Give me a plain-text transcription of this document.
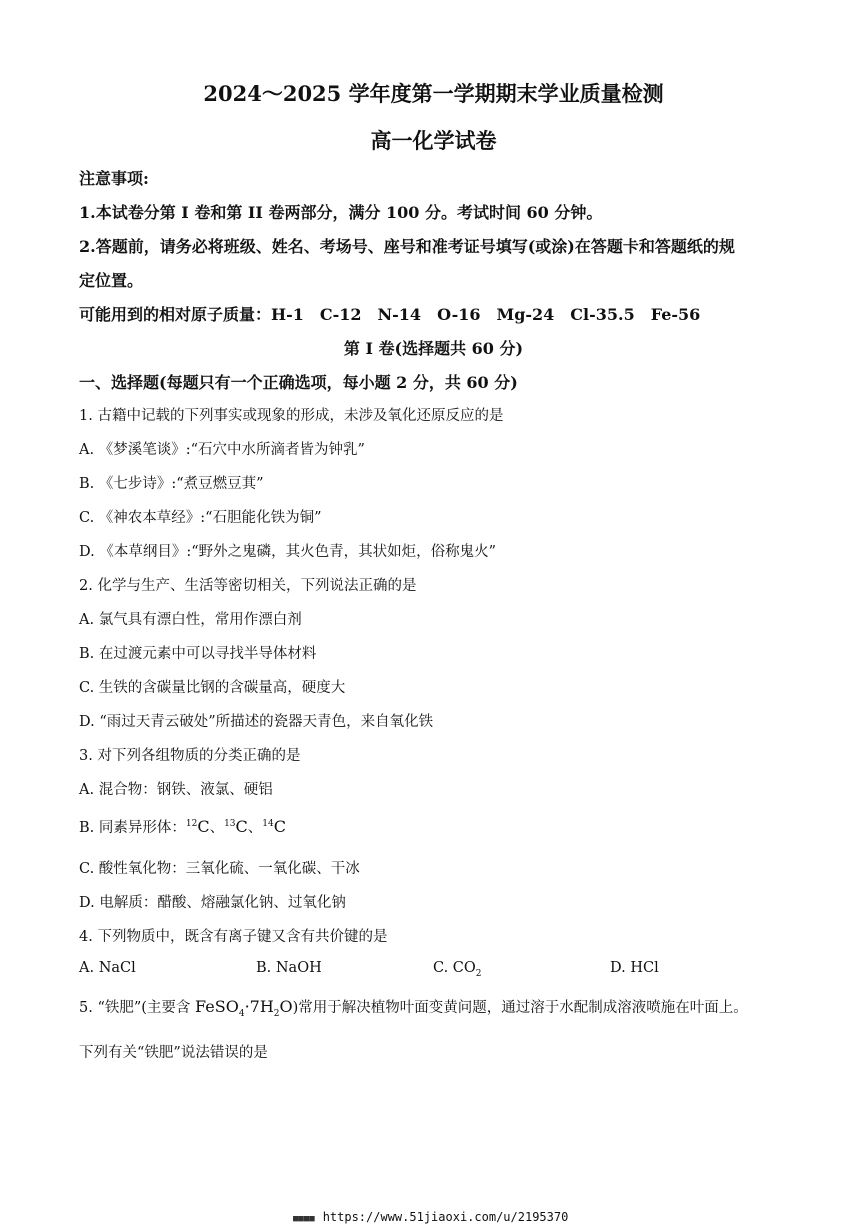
2024～2025 学年度第一学期期末学业质量检测
高一化学试卷
注意事项:
1.本试卷分第 I 卷和第 II 卷两部分，满分 100 分。考试时间 60 分钟。
2.答题前，请务必将班级、姓名、考场号、座号和准考证号填写(或涂)在答题卡和答题纸的规
定位置。
可能用到的相对原子质量：H-1　C-12　N-14　O-16　Mg-24　Cl-35.5　Fe-56
第 I 卷(选择题共 60 分)
一、选择题(每题只有一个正确选项，每小题 2 分，共 60 分)
1. 古籍中记载的下列事实或现象的形成，未涉及氧化还原反应的是
A. 《梦溪笔谈》:“石穴中水所滴者皆为钟乳”
B. 《七步诗》:“煮豆燃豆萁”
C. 《神农本草经》:“石胆能化铁为铜”
D. 《本草纲目》:“野外之鬼磷，其火色青，其状如炬，俗称鬼火”
2. 化学与生产、生活等密切相关，下列说法正确的是
A. 氯气具有漂白性，常用作漂白剂
B. 在过渡元素中可以寻找半导体材料
C. 生铁的含碳量比钢的含碳量高，硬度大
D. “雨过天青云破处”所描述的瓷器天青色，来自氧化铁
3. 对下列各组物质的分类正确的是
A. 混合物：钢铁、液氯、硬铝
B. 同素异形体：$^{12}$C、$^{13}$C、$^{14}$C
C. 酸性氧化物：三氧化硫、一氧化碳、干冰
D. 电解质：醋酸、熔融氯化钠、过氧化钠
4. 下列物质中，既含有离子键又含有共价键的是
A. NaCl	B. NaOH	C. $CO_2$	D. HCl
5. “铁肥”(主要含 $FeSO_4\cdot 7H_2O$)常用于解决植物叶面变黄问题，通过溶于水配制成溶液喷施在叶面上。
下列有关“铁肥”说法错误的是
■■■■ https://www.51jiaoxi.com/u/2195370
